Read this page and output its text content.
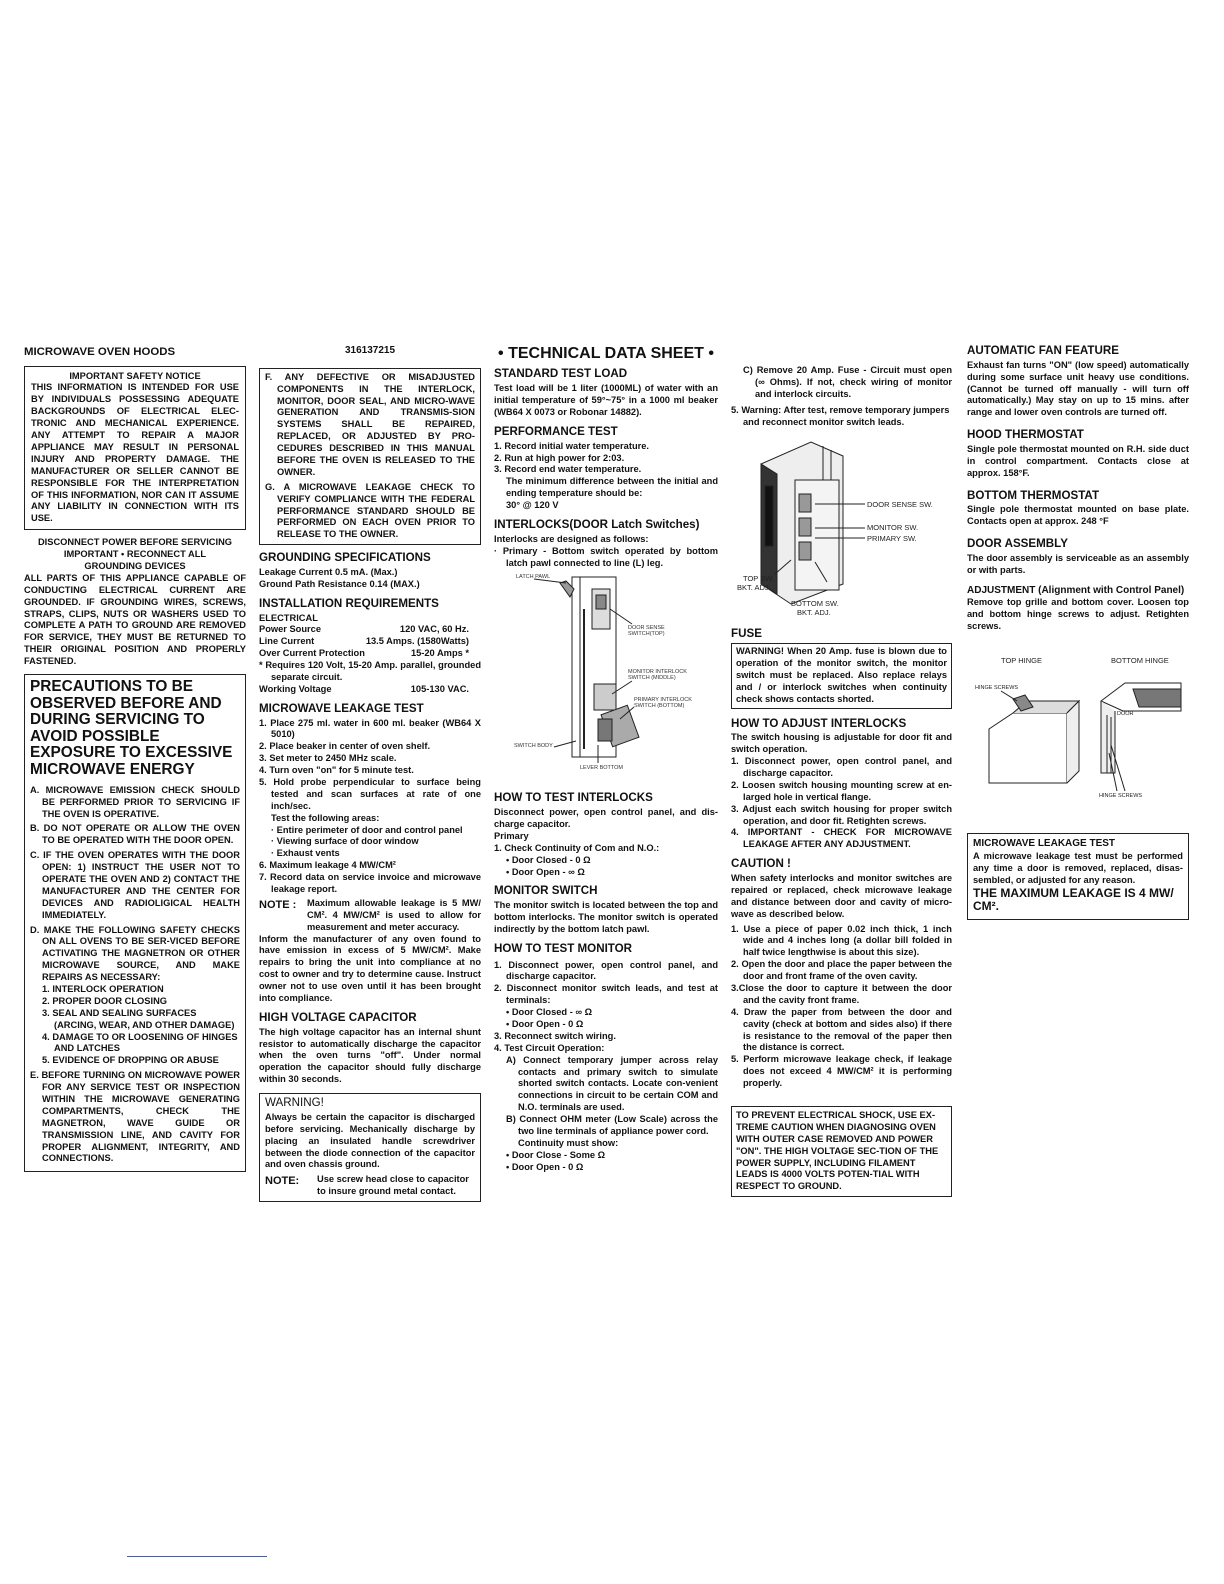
MICROWAVE OVEN HOODS

IMPORTANT SAFETY NOTICE

THIS INFORMATION IS INTENDED FOR USE BY INDIVIDUALS POSSESSING ADEQUATE BACKGROUNDS OF ELECTRICAL ELEC-TRONIC AND MECHANICAL EXPERIENCE. ANY ATTEMPT TO REPAIR A MAJOR APPLIANCE MAY RESULT IN PERSONAL INJURY AND PROPERTY DAMAGE. THE MANUFACTURER OR SELLER CANNOT BE RESPONSIBLE FOR THE INTERPRETATION OF THIS INFORMATION, NOR CAN IT ASSUME ANY LIABILITY IN CONNECTION WITH ITS USE.

DISCONNECT POWER BEFORE SERVICING

IMPORTANT • RECONNECT ALL

GROUNDING DEVICES

ALL PARTS OF THIS APPLIANCE CAPABLE OF CONDUCTING ELECTRICAL CURRENT ARE GROUNDED. IF GROUNDING WIRES, SCREWS, STRAPS, CLIPS, NUTS OR WASHERS USED TO COMPLETE A PATH TO GROUND ARE REMOVED FOR SERVICE, THEY MUST BE RETURNED TO THEIR ORIGINAL POSITION AND PROPERLY FASTENED.

PRECAUTIONS TO BE OBSERVED BEFORE AND DURING SERVICING TO AVOID POSSIBLE EXPOSURE TO EXCESSIVE MICROWAVE ENERGY

A. MICROWAVE EMISSION CHECK SHOULD BE PERFORMED PRIOR TO SERVICING IF THE OVEN IS OPERATIVE.

B. DO NOT OPERATE OR ALLOW THE OVEN TO BE OPERATED WITH THE DOOR OPEN.

C. IF THE OVEN OPERATES WITH THE DOOR OPEN: 1) INSTRUCT THE USER NOT TO OPERATE THE OVEN AND 2) CONTACT THE MANUFACTURER AND THE CENTER FOR DEVICES AND RADIOLIGICAL HEALTH IMMEDIATELY.

D. MAKE THE FOLLOWING SAFETY CHECKS ON ALL OVENS TO BE SER-VICED BEFORE ACTIVATING THE MAGNETRON OR OTHER MICROWAVE SOURCE, AND MAKE REPAIRS AS NECESSARY:

1. INTERLOCK OPERATION

2. PROPER DOOR CLOSING

3. SEAL AND SEALING SURFACES (ARCING, WEAR, AND OTHER DAMAGE)

4. DAMAGE TO OR LOOSENING OF HINGES AND LATCHES

5. EVIDENCE OF DROPPING OR ABUSE

E. BEFORE TURNING ON MICROWAVE POWER FOR ANY SERVICE TEST OR INSPECTION WITHIN THE MICROWAVE GENERATING COMPARTMENTS, CHECK THE MAGNETRON, WAVE GUIDE OR TRANSMISSION LINE, AND CAVITY FOR PROPER ALIGNMENT, INTEGRITY, AND CONNECTIONS.

316137215

F. ANY DEFECTIVE OR MISADJUSTED COMPONENTS IN THE INTERLOCK, MONITOR, DOOR SEAL, AND MICRO-WAVE GENERATION AND TRANSMIS-SION SYSTEMS SHALL BE REPAIRED, REPLACED, OR ADJUSTED BY PRO-CEDURES DESCRIBED IN THIS MANUAL BEFORE THE OVEN IS RELEASED TO THE OWNER.

G. A MICROWAVE LEAKAGE CHECK TO VERIFY COMPLIANCE WITH THE FEDERAL PERFORMANCE STANDARD SHOULD BE PERFORMED ON EACH OVEN PRIOR TO RELEASE TO THE OWNER.

GROUNDING SPECIFICATIONS

Leakage Current 0.5 mA. (Max.)

Ground Path Resistance 0.14 (MAX.)

INSTALLATION REQUIREMENTS

ELECTRICAL

Power Source	120 VAC, 60 Hz.
Line Current	13.5 Amps. (1580Watts)
Over Current Protection	15-20 Amps *

* Requires 120 Volt, 15-20 Amp. parallel, grounded separate circuit.

Working Voltage	105-130 VAC.

MICROWAVE LEAKAGE TEST

1. Place 275 ml. water in 600 ml. beaker (WB64 X 5010)

2. Place beaker in center of oven shelf.

3. Set meter to 2450 MHz scale.

4. Turn oven "on" for 5 minute test.

5. Hold probe perpendicular to surface being tested and scan surfaces at rate of one inch/sec.

Test the following areas:

· Entire perimeter of door and control panel

· Viewing surface of door window

· Exhaust vents

6. Maximum leakage 4 MW/CM²

7. Record data on service invoice and microwave leakage report.

NOTE :	Maximum allowable leakage is 5 MW/ CM². 4 MW/CM² is used to allow for measurement and meter accuracy.

Inform the manufacturer of any oven found to have emission in excess of 5 MW/CM². Make repairs to bring the unit into compliance at no cost to owner and try to determine cause. Instruct owner not to use oven until it has been brought into compliance.

HIGH VOLTAGE CAPACITOR

The high voltage capacitor has an internal shunt resistor to automatically discharge the capacitor when the oven turns "off". Under normal operation the capacitor should fully discharge within 30 seconds.

WARNING!

Always be certain the capacitor is discharged before servicing. Mechanically discharge by placing an insulated handle screwdriver between the diode connection of the capacitor and oven chassis ground.

NOTE:	Use screw head close to capacitor to insure ground metal contact.

• TECHNICAL DATA SHEET •

STANDARD TEST LOAD

Test load will be 1 liter (1000ML) of water with an initial temperature of 59°~75° in a 1000 ml beaker (WB64 X 0073 or Robonar 14882).

PERFORMANCE TEST

1. Record initial water temperature.

2. Run at high power for 2:03.

3. Record end water temperature.

The minimum difference between the initial and ending temperature should be:

30° @ 120 V

INTERLOCKS(DOOR Latch Switches)

Interlocks are designed as follows:

· Primary - Bottom switch operated by bottom latch pawl connected to line (L) leg.

LATCH PAWL
DOOR SENSE
SWITCH(TOP)
MONITOR INTERLOCK
SWITCH (MIDDLE)
PRIMARY INTERLOCK
SWITCH (BOTTOM)
SWITCH BODY
LEVER BOTTOM

HOW TO TEST INTERLOCKS

Disconnect power, open control panel, and dis-charge capacitor.

Primary

1. Check Continuity of Com and N.O.:

• Door Closed - 0 Ω

• Door Open - ∞ Ω

MONITOR SWITCH

The monitor switch is located between the top and bottom interlocks. The monitor switch is operated indirectly by the bottom latch pawl.

HOW TO TEST MONITOR

1. Disconnect power, open control panel, and discharge capacitor.

2. Disconnect monitor switch leads, and test at terminals:

• Door Closed - ∞ Ω

• Door Open - 0 Ω

3. Reconnect switch wiring.

4. Test Circuit Operation:

A) Connect temporary jumper across relay contacts and primary switch to simulate shorted switch contacts. Locate con-venient connections in circuit to be certain COM and N.O. terminals are used.

B) Connect OHM meter (Low Scale) across the two line terminals of appliance power cord.

Continuity must show:

• Door Close - Some Ω

• Door Open - 0 Ω

C) Remove 20 Amp. Fuse - Circuit must open (∞ Ohms). If not, check wiring of monitor and interlock circuits.

5. Warning: After test, remove temporary jumpers and reconnect monitor switch leads.

DOOR SENSE SW.
MONITOR SW.
PRIMARY SW.
TOP SW.
BKT. ADJ.
BOTTOM SW.
BKT. ADJ.

FUSE

WARNING! When 20 Amp. fuse is blown due to operation of the monitor switch, the monitor switch must be replaced. Also replace relays and / or interlock switches when continuity check shows contacts shorted.

HOW TO ADJUST INTERLOCKS

The switch housing is adjustable for door fit and switch operation.

1. Disconnect power, open control panel, and discharge capacitor.

2. Loosen switch housing mounting screw at en-larged hole in vertical flange.

3. Adjust each switch housing for proper switch operation, and door fit. Retighten screws.

4. IMPORTANT - CHECK FOR MICROWAVE LEAKAGE AFTER ANY ADJUSTMENT.

CAUTION !

When safety interlocks and monitor switches are repaired or replaced, check microwave leakage and distance between door and cavity of micro-wave as described below.

1. Use a piece of paper 0.02 inch thick, 1 inch wide and 4 inches long (a dollar bill folded in half twice lengthwise is about this size).

2. Open the door and place the paper between the door and front frame of the oven cavity.

3.Close the door to capture it between the door and the cavity front frame.

4. Draw the paper from between the door and cavity (check at bottom and sides also) if there is resistance to the removal of the paper then the distance is correct.

5. Perform microwave leakage check, if leakage does not exceed 4 MW/CM² it is performing properly.

TO PREVENT ELECTRICAL SHOCK, USE EX-TREME CAUTION WHEN DIAGNOSING OVEN WITH OUTER CASE REMOVED AND POWER "ON". THE HIGH VOLTAGE SEC-TION OF THE POWER SUPPLY, INCLUDING FILAMENT LEADS IS 4000 VOLTS POTEN-TIAL WITH RESPECT TO GROUND.

AUTOMATIC FAN FEATURE

Exhaust fan turns "ON" (low speed) automatically during some surface unit heavy use conditions. (Cannot be turned off manually - will turn off automatically.) May stay on up to 15 mins. after range and lower oven controls are turned off.

HOOD THERMOSTAT

Single pole thermostat mounted on R.H. side duct in control compartment. Contacts close at approx. 158°F.

BOTTOM THERMOSTAT

Single pole thermostat mounted on base plate. Contacts open at approx. 248 °F

DOOR ASSEMBLY

The door assembly is serviceable as an assembly or with parts.

ADJUSTMENT (Alignment with Control Panel)

Remove top grille and bottom cover. Loosen top and bottom hinge screws to adjust. Retighten screws.

TOP HINGE	BOTTOM HINGE
HINGE SCREWS
DOOR
HINGE SCREWS

MICROWAVE LEAKAGE TEST

A microwave leakage test must be performed any time a door is removed, replaced, disas-sembled, or adjusted for any reason.

THE MAXIMUM LEAKAGE IS 4 MW/ CM².
